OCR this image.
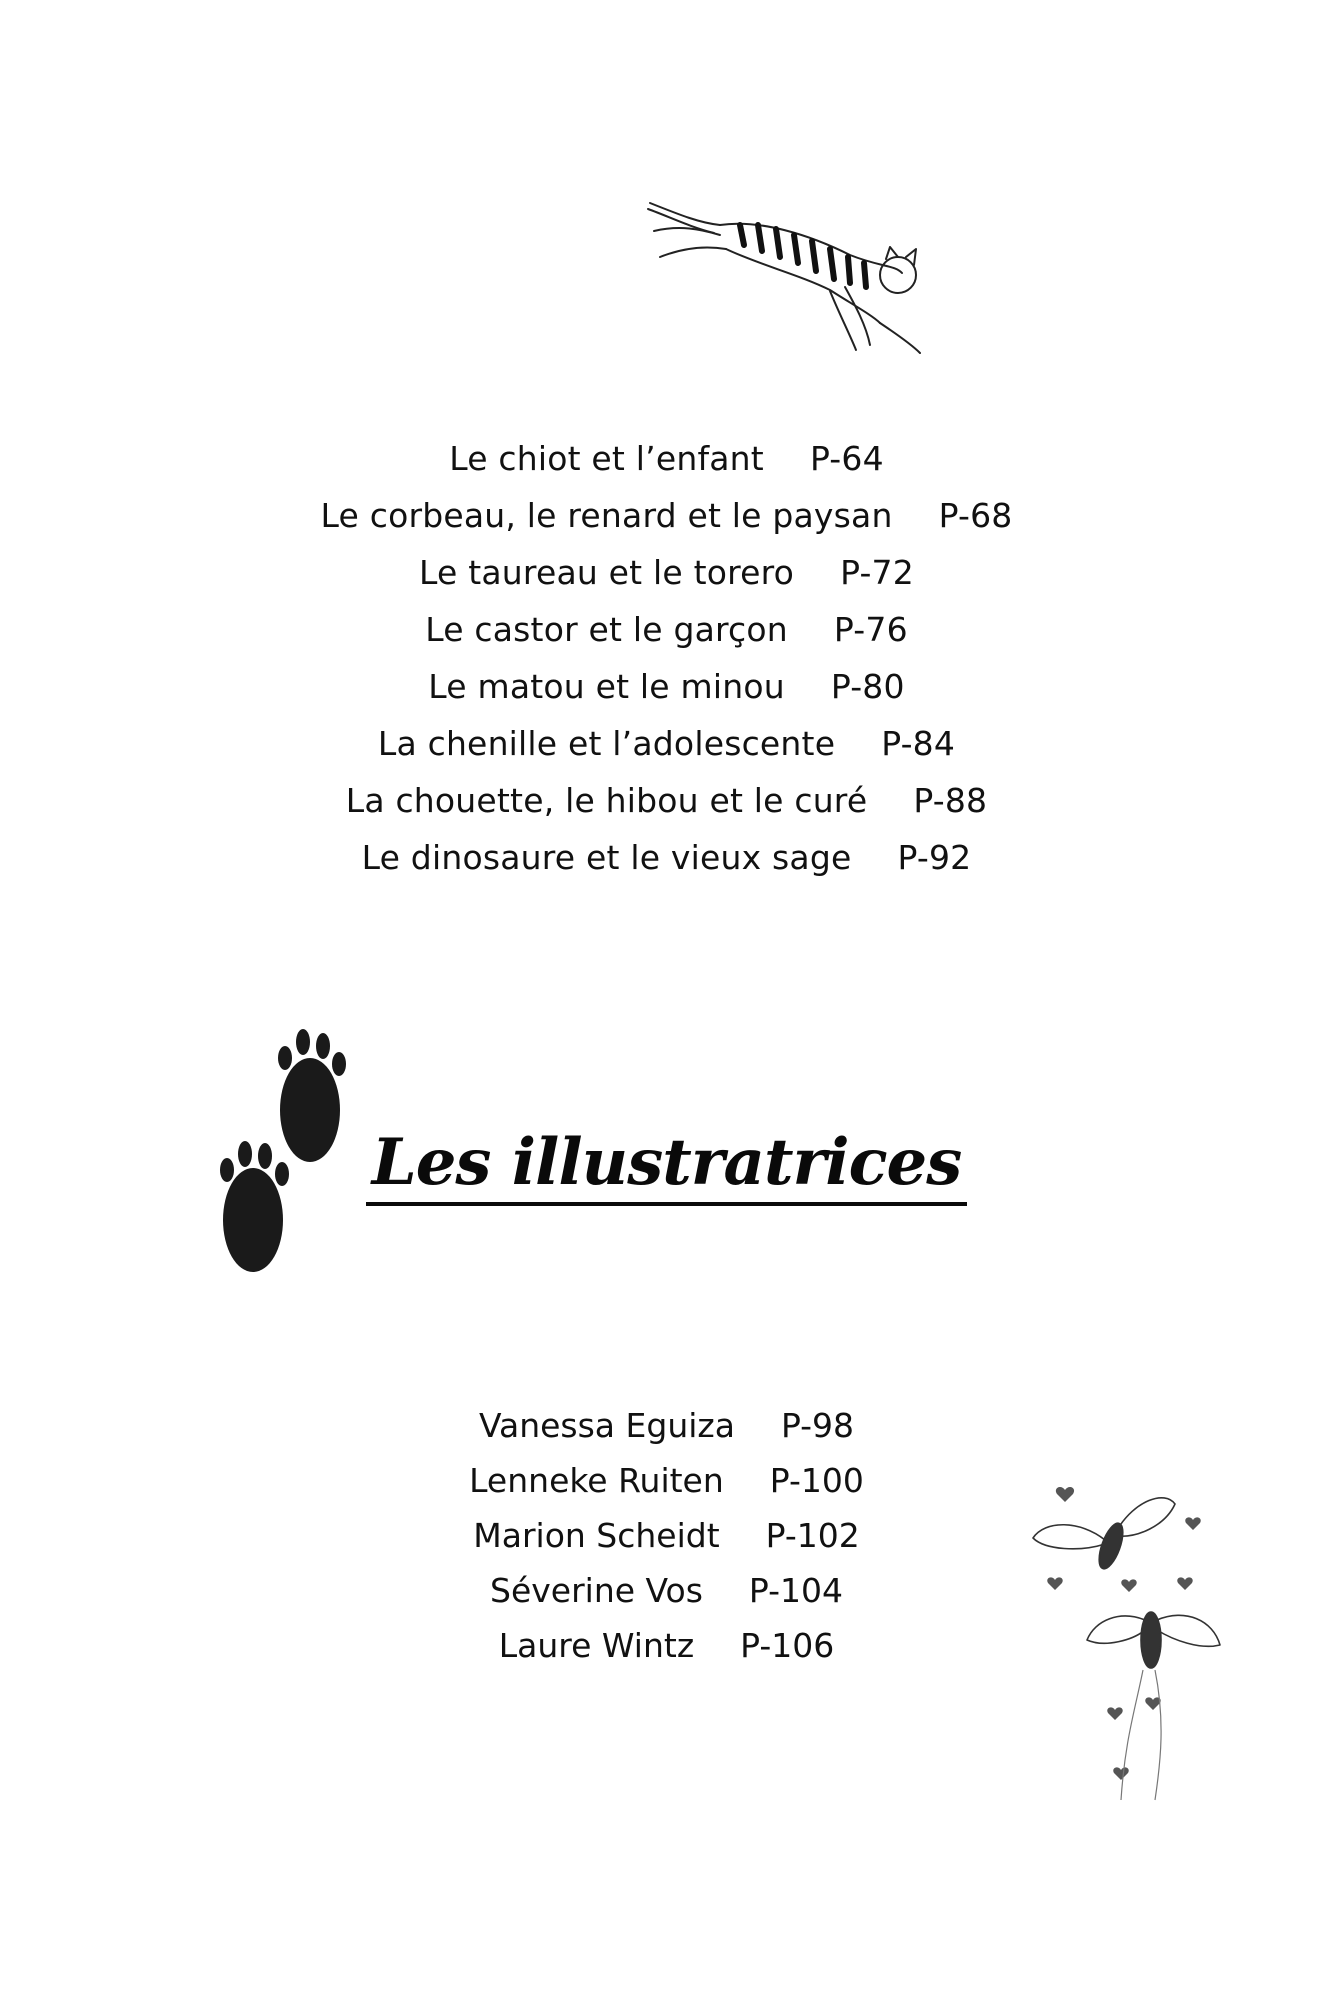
Le chiot et l’enfant P-64
Le corbeau, le renard et le paysan P-68
Le taureau et le torero P-72
Le castor et le garçon P-76
Le matou et le minou P-80
La chenille et l’adolescente P-84
La chouette, le hibou et le curé P-88
Le dinosaure et le vieux sage P-92
Les illustratrices
Vanessa Eguiza P-98
Lenneke Ruiten P-100
Marion Scheidt P-102
Séverine Vos P-104
Laure Wintz P-106
